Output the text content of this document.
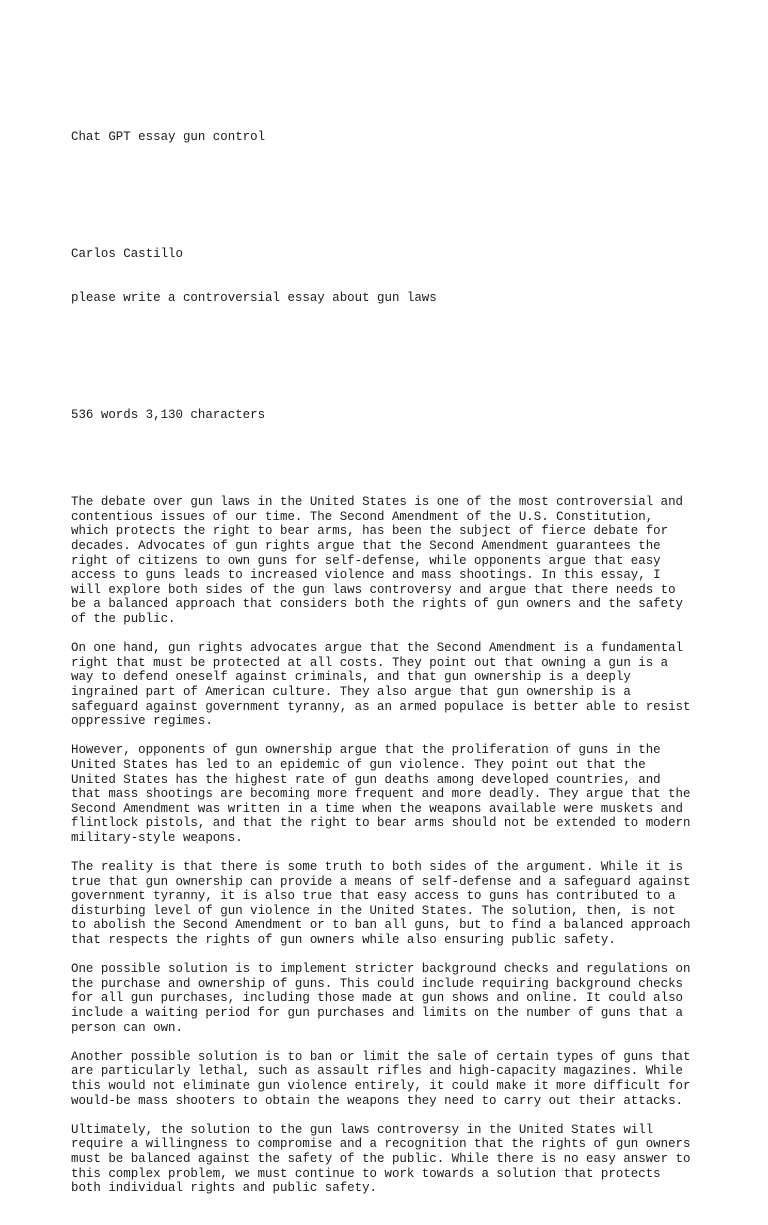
Chat GPT essay gun control

Carlos Castillo

please write a controversial essay about gun laws

536 words 3,130 characters

The debate over gun laws in the United States is one of the most controversial and
contentious issues of our time. The Second Amendment of the U.S. Constitution,
which protects the right to bear arms, has been the subject of fierce debate for
decades. Advocates of gun rights argue that the Second Amendment guarantees the
right of citizens to own guns for self-defense, while opponents argue that easy
access to guns leads to increased violence and mass shootings. In this essay, I
will explore both sides of the gun laws controversy and argue that there needs to
be a balanced approach that considers both the rights of gun owners and the safety
of the public.
On one hand, gun rights advocates argue that the Second Amendment is a fundamental
right that must be protected at all costs. They point out that owning a gun is a
way to defend oneself against criminals, and that gun ownership is a deeply
ingrained part of American culture. They also argue that gun ownership is a
safeguard against government tyranny, as an armed populace is better able to resist
oppressive regimes.
However, opponents of gun ownership argue that the proliferation of guns in the
United States has led to an epidemic of gun violence. They point out that the
United States has the highest rate of gun deaths among developed countries, and
that mass shootings are becoming more frequent and more deadly. They argue that the
Second Amendment was written in a time when the weapons available were muskets and
flintlock pistols, and that the right to bear arms should not be extended to modern
military-style weapons.
The reality is that there is some truth to both sides of the argument. While it is
true that gun ownership can provide a means of self-defense and a safeguard against
government tyranny, it is also true that easy access to guns has contributed to a
disturbing level of gun violence in the United States. The solution, then, is not
to abolish the Second Amendment or to ban all guns, but to find a balanced approach
that respects the rights of gun owners while also ensuring public safety.
One possible solution is to implement stricter background checks and regulations on
the purchase and ownership of guns. This could include requiring background checks
for all gun purchases, including those made at gun shows and online. It could also
include a waiting period for gun purchases and limits on the number of guns that a
person can own.
Another possible solution is to ban or limit the sale of certain types of guns that
are particularly lethal, such as assault rifles and high-capacity magazines. While
this would not eliminate gun violence entirely, it could make it more difficult for
would-be mass shooters to obtain the weapons they need to carry out their attacks.
Ultimately, the solution to the gun laws controversy in the United States will
require a willingness to compromise and a recognition that the rights of gun owners
must be balanced against the safety of the public. While there is no easy answer to
this complex problem, we must continue to work towards a solution that protects
both individual rights and public safety.
